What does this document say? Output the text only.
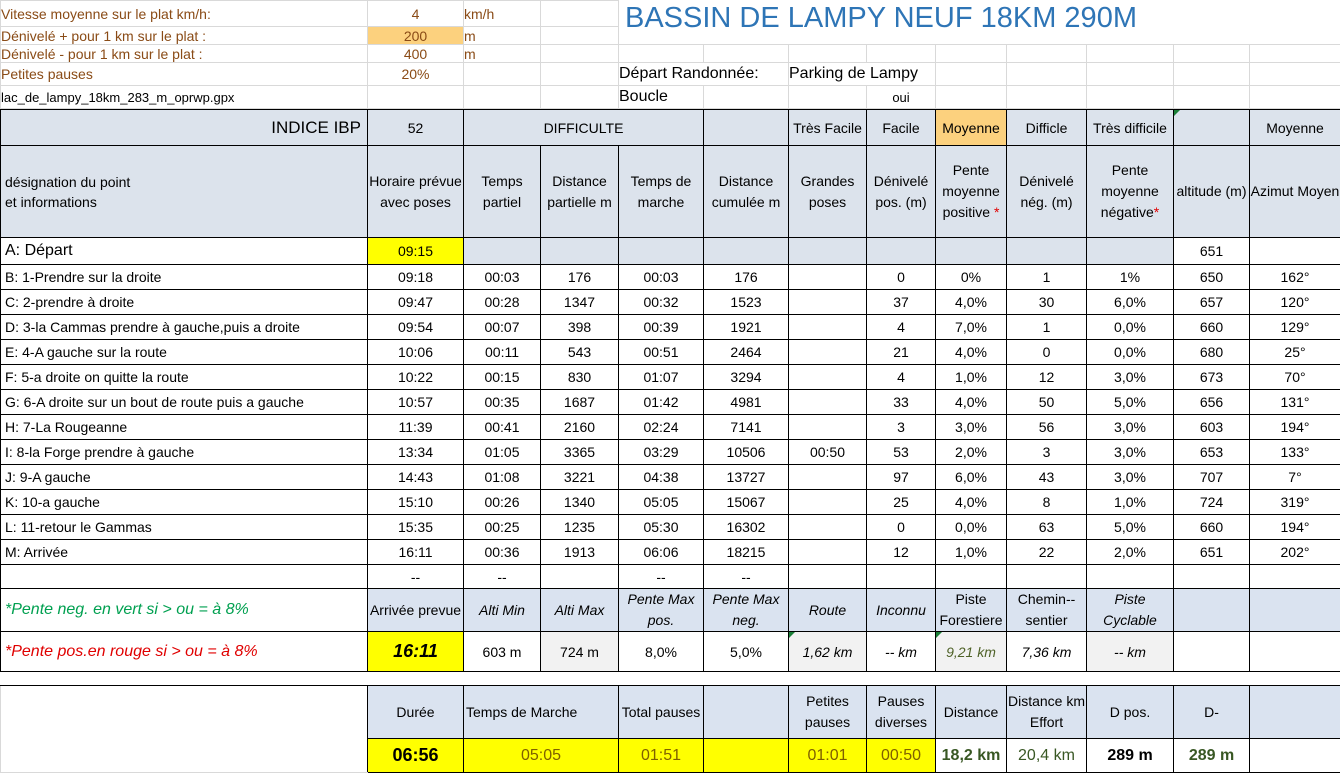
Vitesse moyenne sur le plat km/h:	4	km/h		BASSIN DE LAMPY NEUF 18KM 290M								

Dénivelé + pour 1 km sur le plat :	200	m										
Dénivelé - pour 1 km sur le plat :	400	m										
Petites pauses	20%			Départ Randonnée:		Parking de Lampy						
lac_de_lampy_18km_283_m_oprwp.gpx				Boucle			oui					
INDICE IBP	52	DIFFICULTE				Très Facile	Facile	Moyenne	Difficle	Très difficile		Moyenne

désignation du point
et informations	Horaire prévue avec poses	Temps partiel	Distance partielle m	Temps de marche	Distance cumulée m	Grandes poses	Dénivelé pos. (m)	Pente moyenne positive *	Dénivelé nég. (m)	Pente moyenne négative*	altitude (m)	Azimut Moyen
A: Départ	09:15										651	
B: 1-Prendre sur la droite	09:18	00:03	176	00:03	176		0	0%	1	1%	650	162°
C: 2-prendre à droite	09:47	00:28	1347	00:32	1523		37	4,0%	30	6,0%	657	120°
D: 3-la Cammas prendre à gauche,puis a droite	09:54	00:07	398	00:39	1921		4	7,0%	1	0,0%	660	129°
E: 4-A gauche sur la route	10:06	00:11	543	00:51	2464		21	4,0%	0	0,0%	680	25°
F: 5-a droite on quitte la route	10:22	00:15	830	01:07	3294		4	1,0%	12	3,0%	673	70°
G: 6-A droite sur un bout de route puis a gauche	10:57	00:35	1687	01:42	4981		33	4,0%	50	5,0%	656	131°
H: 7-La Rougeanne	11:39	00:41	2160	02:24	7141		3	3,0%	56	3,0%	603	194°
I: 8-la Forge prendre à gauche	13:34	01:05	3365	03:29	10506	00:50	53	2,0%	3	3,0%	653	133°
J: 9-A gauche	14:43	01:08	3221	04:38	13727		97	6,0%	43	3,0%	707	7°
K: 10-a gauche	15:10	00:26	1340	05:05	15067		25	4,0%	8	1,0%	724	319°
L: 11-retour le Gammas	15:35	00:25	1235	05:30	16302		0	0,0%	63	5,0%	660	194°
M: Arrivée	16:11	00:36	1913	06:06	18215		12	1,0%	22	2,0%	651	202°
	--	--		--	--							
*Pente neg. en vert si > ou = à 8%	Arrivée prevue	Alti Min	Alti Max	Pente Max pos.	Pente Max neg.	Route	Inconnu	Piste Forestiere	Chemin--sentier	Piste Cyclable		
*Pente pos.en rouge si > ou = à 8%	16:11	603 m	724 m	8,0%	5,0%	1,62 km	-- km	9,21 km	7,36 km	-- km		
	Durée	Temps de Marche	Total pauses		Petites pauses	Pauses diverses	Distance	Distance km Effort	D pos.	D-	
	06:56	05:05	01:51		01:01	00:50	18,2 km	20,4 km	289 m	289 m	
